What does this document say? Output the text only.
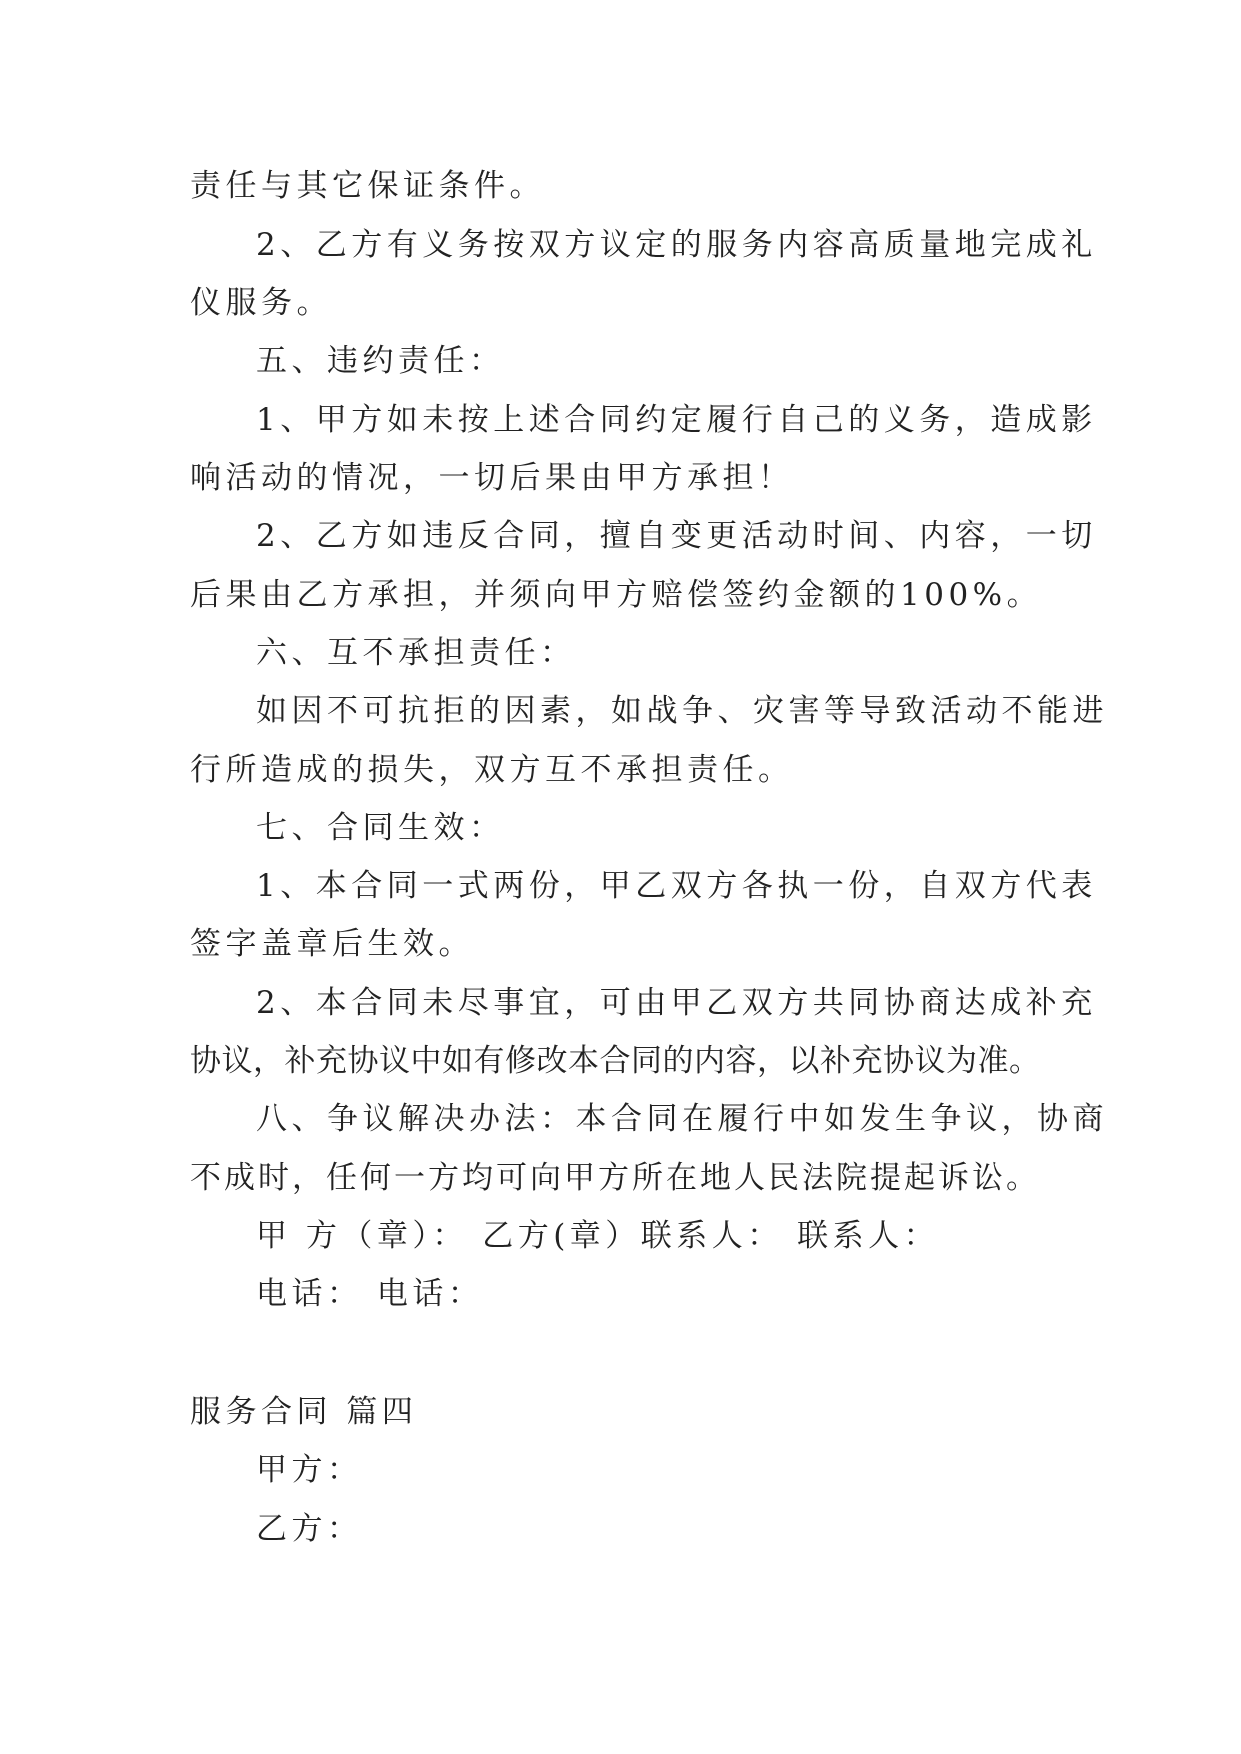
责任与其它保证条件。
2、乙方有义务按双方议定的服务内容高质量地完成礼
仪服务。
五、违约责任：
1、甲方如未按上述合同约定履行自己的义务，造成影
响活动的情况，一切后果由甲方承担！
2、乙方如违反合同，擅自变更活动时间、内容，一切
后果由乙方承担，并须向甲方赔偿签约金额的100%。
六、互不承担责任：
如因不可抗拒的因素，如战争、灾害等导致活动不能进
行所造成的损失，双方互不承担责任。
七、合同生效：
1、本合同一式两份，甲乙双方各执一份，自双方代表
签字盖章后生效。
2、本合同未尽事宜，可由甲乙双方共同协商达成补充
协议，补充协议中如有修改本合同的内容，以补充协议为准。
八、争议解决办法：本合同在履行中如发生争议，协商
不成时，任何一方均可向甲方所在地人民法院提起诉讼。
甲 方（章）： 乙方(章）联系人： 联系人：
电话： 电话：
服务合同 篇四
甲方：
乙方：
